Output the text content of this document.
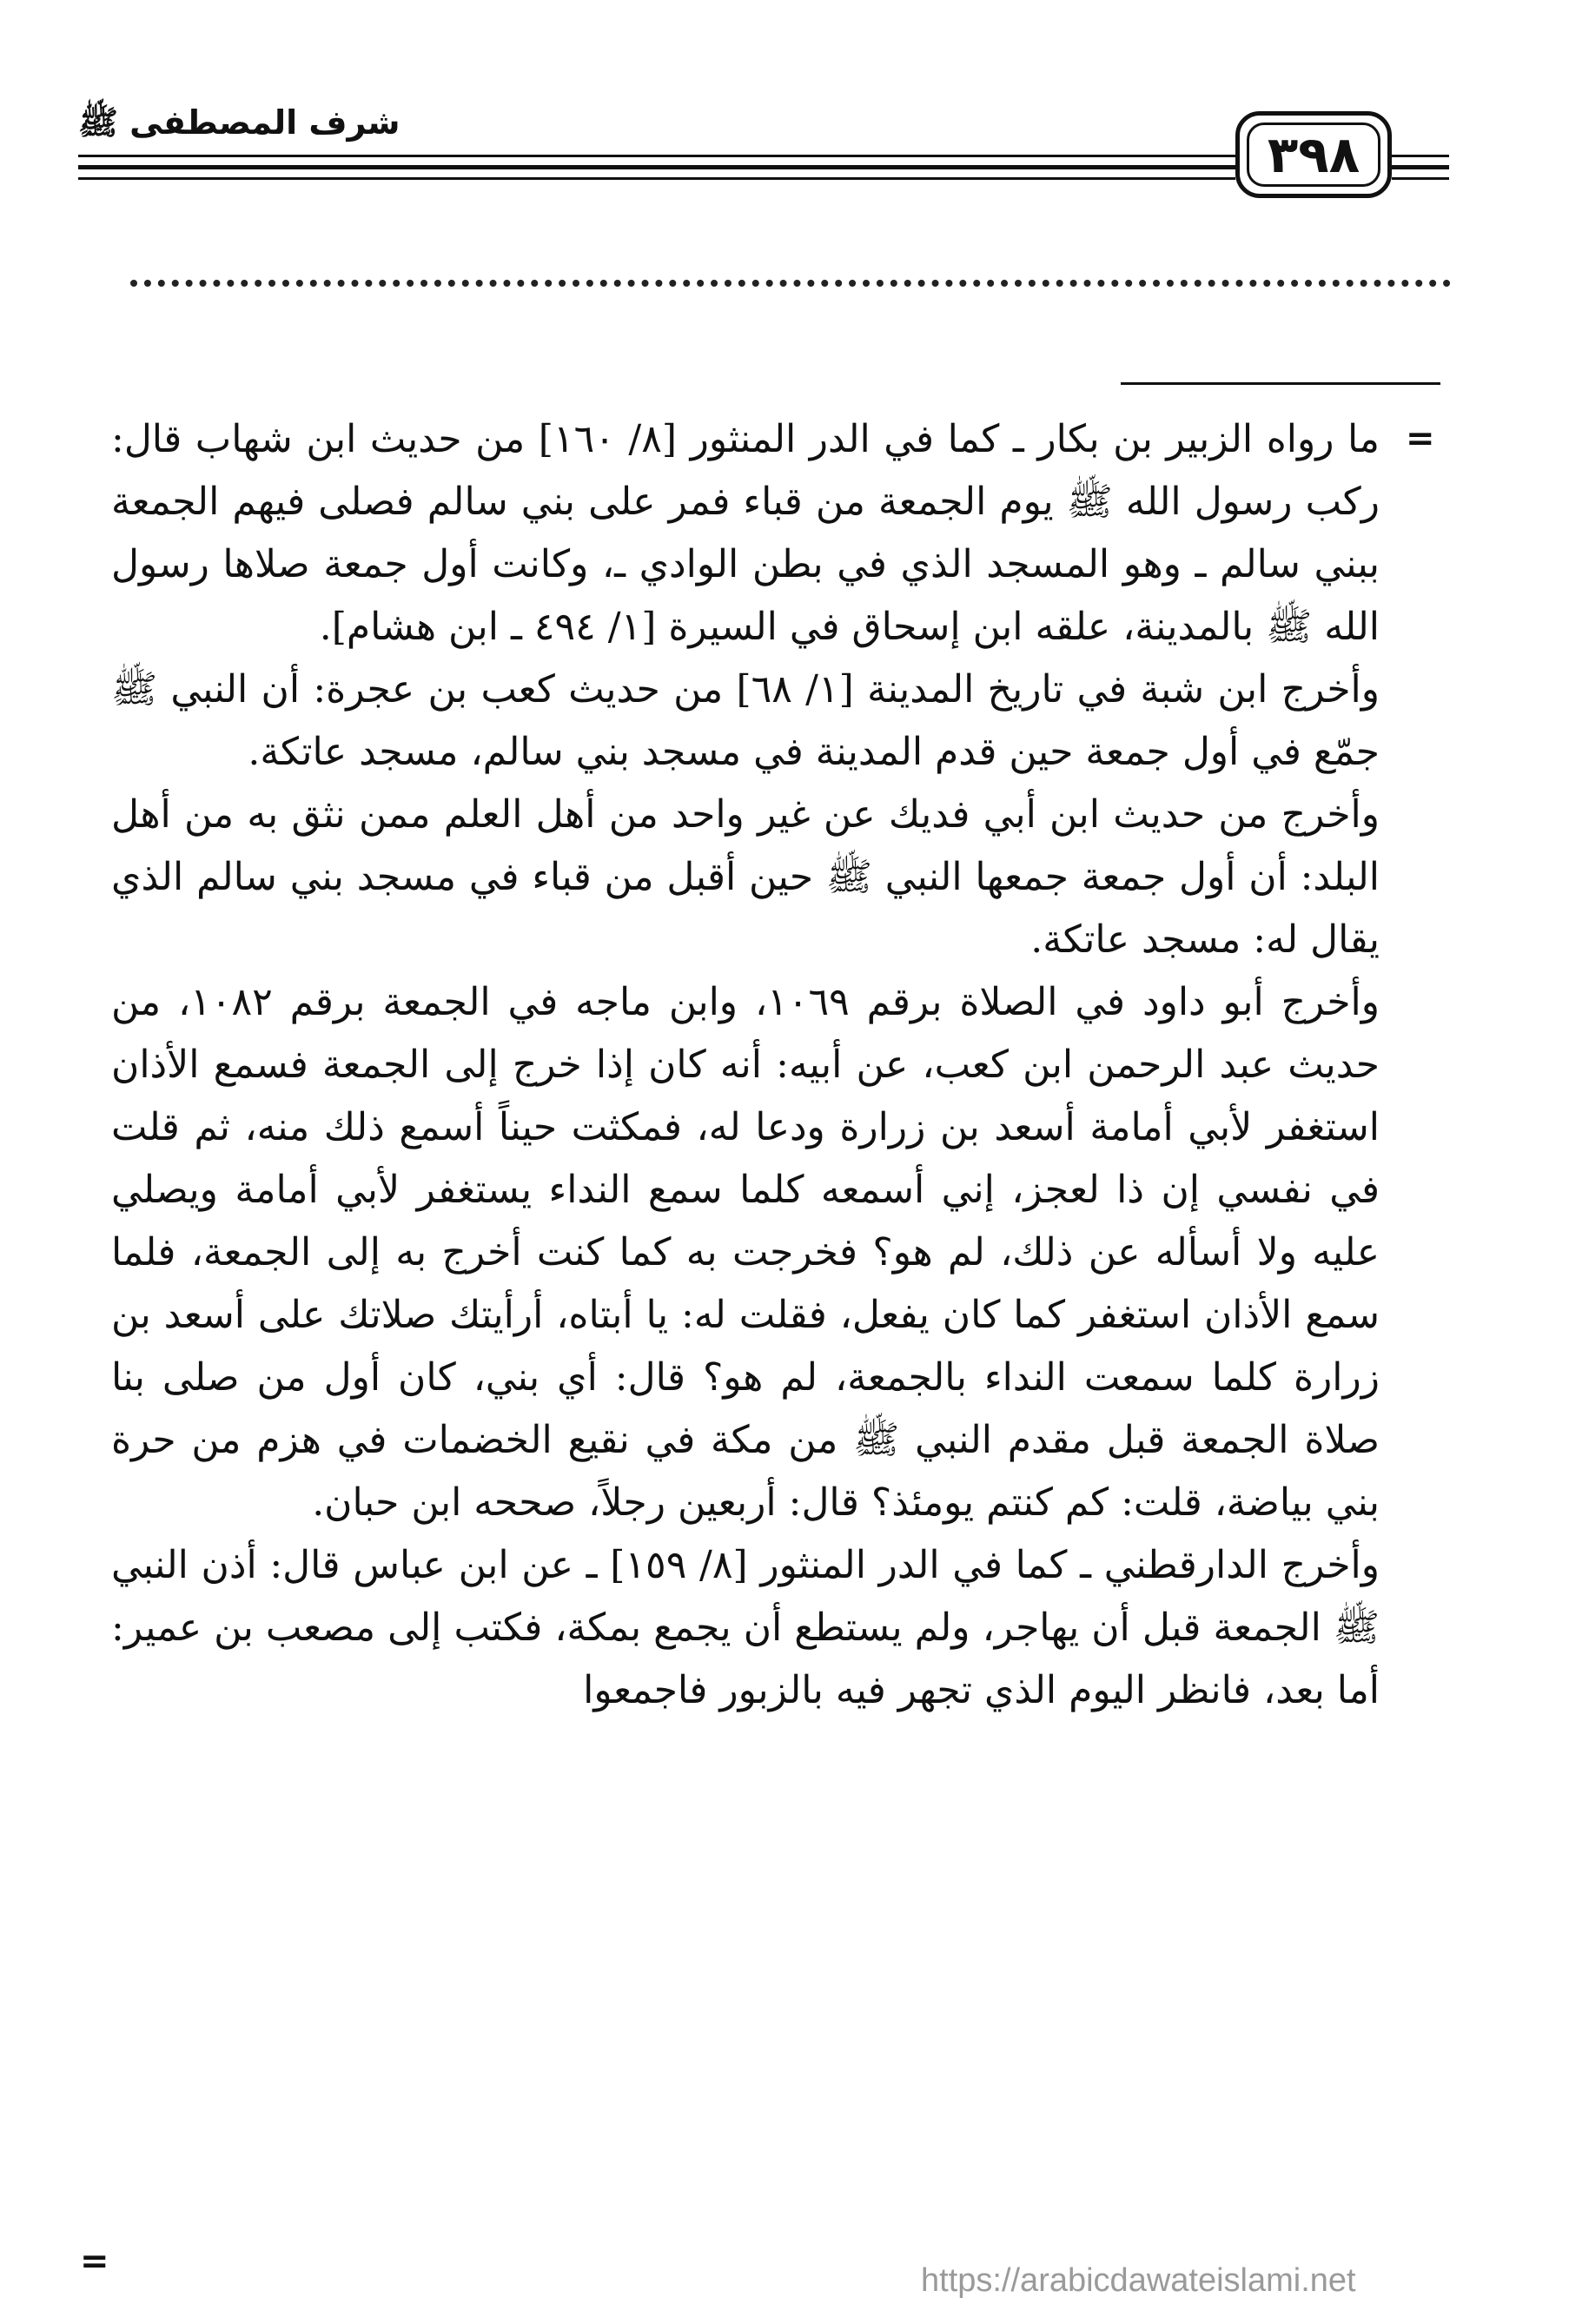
شرف المصطفى ﷺ
٣٩٨
=

ما رواه الزبير بن بكار ـ كما في الدر المنثور [٨/ ١٦٠] من حديث ابن شهاب قال: ركب رسول الله ﷺ يوم الجمعة من قباء فمر على بني سالم فصلى فيهم الجمعة ببني سالم ـ وهو المسجد الذي في بطن الوادي ـ، وكانت أول جمعة صلاها رسول الله ﷺ بالمدينة، علقه ابن إسحاق في السيرة [١/ ٤٩٤ ـ ابن هشام].

وأخرج ابن شبة في تاريخ المدينة [١/ ٦٨] من حديث كعب بن عجرة: أن النبي ﷺ جمّع في أول جمعة حين قدم المدينة في مسجد بني سالم، مسجد عاتكة.

وأخرج من حديث ابن أبي فديك عن غير واحد من أهل العلم ممن نثق به من أهل البلد: أن أول جمعة جمعها النبي ﷺ حين أقبل من قباء في مسجد بني سالم الذي يقال له: مسجد عاتكة.

وأخرج أبو داود في الصلاة برقم ١٠٦٩، وابن ماجه في الجمعة برقم ١٠٨٢، من حديث عبد الرحمن ابن كعب، عن أبيه: أنه كان إذا خرج إلى الجمعة فسمع الأذان استغفر لأبي أمامة أسعد بن زرارة ودعا له، فمكثت حيناً أسمع ذلك منه، ثم قلت في نفسي إن ذا لعجز، إني أسمعه كلما سمع النداء يستغفر لأبي أمامة ويصلي عليه ولا أسأله عن ذلك، لم هو؟ فخرجت به كما كنت أخرج به إلى الجمعة، فلما سمع الأذان استغفر كما كان يفعل، فقلت له: يا أبتاه، أرأيتك صلاتك على أسعد بن زرارة كلما سمعت النداء بالجمعة، لم هو؟ قال: أي بني، كان أول من صلى بنا صلاة الجمعة قبل مقدم النبي ﷺ من مكة في نقيع الخضمات في هزم من حرة بني بياضة، قلت: كم كنتم يومئذ؟ قال: أربعين رجلاً، صححه ابن حبان.

وأخرج الدارقطني ـ كما في الدر المنثور [٨/ ١٥٩] ـ عن ابن عباس قال: أذن النبي ﷺ الجمعة قبل أن يهاجر، ولم يستطع أن يجمع بمكة، فكتب إلى مصعب بن عمير: أما بعد، فانظر اليوم الذي تجهر فيه بالزبور فاجمعوا

=	https://arabicdawateislami.net
